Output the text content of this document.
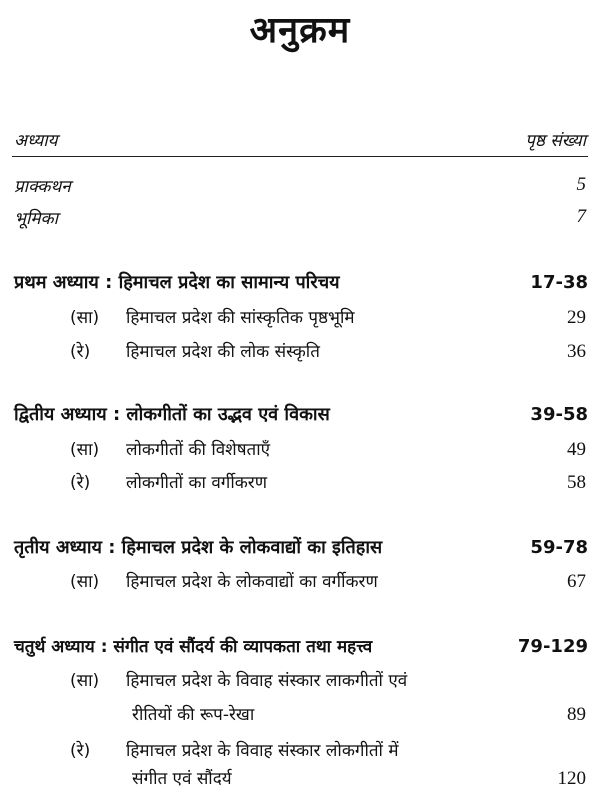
अनुक्रम
अध्याय	पृष्ठ संख्या
प्राक्कथन	5
भूमिका	7
प्रथम अध्याय : हिमाचल प्रदेश का सामान्य परिचय	17-38
(सा) हिमाचल प्रदेश की सांस्कृतिक पृष्ठभूमि	29
(रे) हिमाचल प्रदेश की लोक संस्कृति	36
द्वितीय अध्याय : लोकगीतों का उद्भव एवं विकास	39-58
(सा) लोकगीतों की विशेषताएँ	49
(रे) लोकगीतों का वर्गीकरण	58
तृतीय अध्याय : हिमाचल प्रदेश के लोकवाद्यों का इतिहास	59-78
(सा) हिमाचल प्रदेश के लोकवाद्यों का वर्गीकरण	67
चतुर्थ अध्याय : संगीत एवं सौंदर्य की व्यापकता तथा महत्त्व	79-129
(सा) हिमाचल प्रदेश के विवाह संस्कार लाकगीतों एवं
रीतियों की रूप-रेखा	89
(रे) हिमाचल प्रदेश के विवाह संस्कार लोकगीतों में
संगीत एवं सौंदर्य	120
